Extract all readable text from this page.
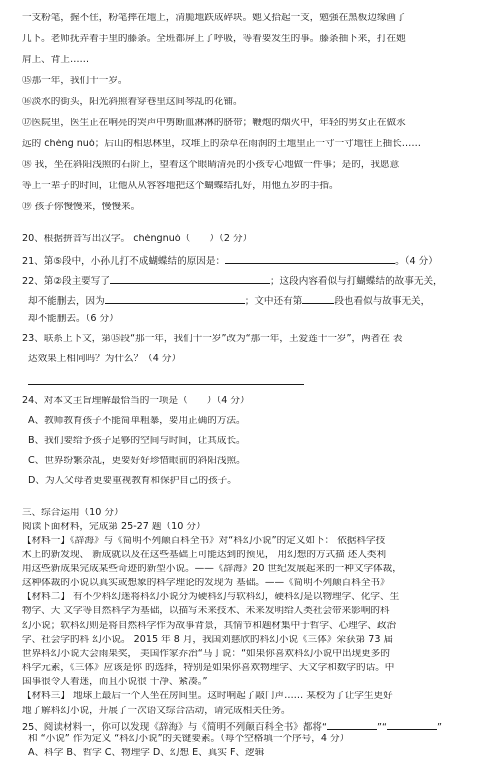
一支粉笔，握不住，粉笔摔在地上，清脆地跌成碎块。她又拾起一支，勉强在黑板边缘画了
几下。老师抚弄着手里的藤条。全班都屏上了呼吸，等着要发生的事。藤条抽下来，打在她
肩上、背上……
⑮那一年，我们十一岁。
⑯淡水的街头，阳光斜照着穿巷里这间琴乱的花铺。
⑰医院里，医生正在响亮的哭声中剪断血淋淋的脐带；鞭炮的烟火中，年轻的男女正在做永
远的 chéng nuò；后山的相思林里，坟堆上的杂草在雨润的土地里正一寸一寸地往上抽长……
⑱ 我，坐在斜阳浅照的石阶上，望着这个眼睛清亮的小孩专心地做一件事；是的，我愿意
等上一辈子的时间，让他从从容容地把这个蝴蝶结扎好，用他五岁的手指。
⑲ 孩子你慢慢来，慢慢来。
20、根据拼音写出汉字。 chéngnuò（　　）（2 分）
21、第⑤段中，小孙儿打不成蝴蝶结的原因是：	。（4 分）
22、第②段主要写了	；这段内容看似与打蝴蝶结的故事无关，
却不能删去，因为	；文中还有第	段也看似与故事无关，
却不能删去。（6 分）
23、联系上下文，第⑮段“那一年，我们十一岁”改为“那一年，王爱莲十一岁”，两者在 表
达效果上相同吗？为什么？（4 分）
24、对本文主旨理解最恰当的一项是（　　）（4 分）
A、教师教育孩子不能简单粗暴，要用正确的方法。
B、我们要给予孩子足够的空间与时间，让其成长。
C、世界纷繁杂乱，更要好好珍惜眼前的斜阳浅照。
D、为人父母者更要重视教育和保护自己的孩子。
三、综合运用（10 分）
阅读下面材料，完成第 25-27 题（10 分）
【材料一】《辞海》与《简明不列颠百科全书》对“科幻小说”的定义如下： 依据科学技
术上的新发现、 新成就以及在这些基础上可能达到的预见， 用幻想的方式描 述人类利
用这些新成果完成某些奇迹的新型小说。——《辞海》20 世纪发展起来的一种文学体裁，
这种体裁的小说以真实或想象的科学理论的发现为 基础。——《简明不列颠百科全书》
【材料二】 有不少科幻迷将科幻小说分为硬科幻与软科幻，硬科幻是以物理学、化学、生
物学、天 文学等自然科学为基础，以描写未来技术、未来发明给人类社会带来影响的科
幻小说；软科幻则是将自然科学作为故事背景，其情节和题材集中于哲学、心理学、政治
学、社会学的科 幻小说。 2015 年 8 月，我国刘慈欣的科幻小说《三体》荣获第 73 届
世界科幻小说大会雨果奖， 美国作家乔治“马丁说：“如果你喜欢科幻小说中出现更多的
科学元素，《三体》应该是你 的选择，特别是如果你喜欢物理学、天文学和数学的话。中
国事很令人着迷，而且小说很 干净、紧凑。”
【材料三】 地球上最后一个人坐在房间里。这时响起了敲门声…… 某校为了让学生更好
地了解科幻小说，开展了一次语文综合活动，请完成相关任务。
25、阅读材料一，你可以发现《辞海》与《简明不列颠百科全书》都将“	”“	”
和 “小说” 作为定义 “科幻小说”的关键要素。（每个空格填一个序号，4 分）
A、科学 B、哲学 C、物理学 D、幻想 E、真实 F、逻辑
